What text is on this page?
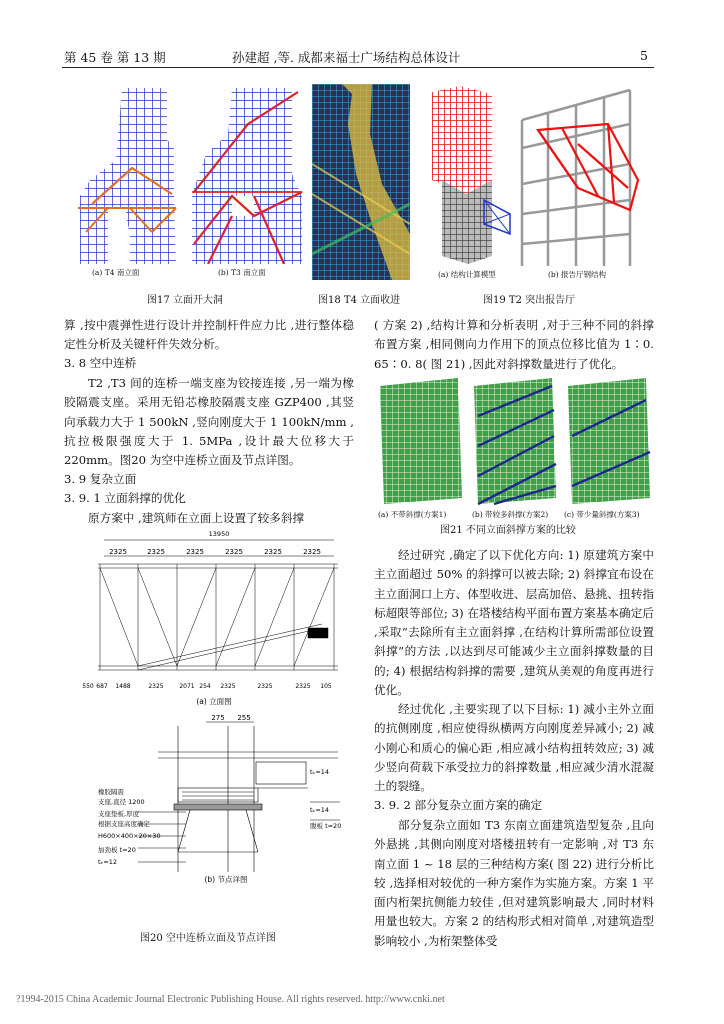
第 45 卷 第 13 期	孙建超 ,等. 成都来福士广场结构总体设计	5
(a) T4 南立面	(b) T3 南立面
图17 立面开大洞	图18 T4 立面收进
(a) 结构计算模型	(b) 报告厅钢结构
图19 T2 突出报告厅
算 ,按中震弹性进行设计并控制杆件应力比 ,进行整体稳定性分析及关键杆件失效分析。
3. 8 空中连桥
T2 ,T3 间的连桥一端支座为铰接连接 ,另一端为橡胶隔震支座。采用无铅芯橡胶隔震支座 GZP400 ,其竖向承载力大于 1 500kN ,竖向刚度大于 1 100kN/mm ,抗拉极限强度大于 1. 5MPa ,设计最大位移大于 220mm。图20 为空中连桥立面及节点详图。
3. 9 复杂立面
3. 9. 1 立面斜撑的优化
原方案中 ,建筑师在立面上设置了较多斜撑
13950
2325	2325	2325	2325	2325	2325
550 687 1488	2325	2071 254 2325	2325	2325 105
(a) 立面图
275 255
橡胶隔震
支座,直径 1200
支座垫板,厚度
根据支座高度确定
H600×400×20×30
加劲板 t=20
tₖ=12
tₖ=14
tₖ=14
腹板 t=20
(b) 节点详图
图20 空中连桥立面及节点详图
( 方案 2) ,结构计算和分析表明 ,对于三种不同的斜撑布置方案 ,相同侧向力作用下的顶点位移比值为 1∶0. 65∶0. 8( 图 21) ,因此对斜撑数量进行了优化。
(a) 不带斜撑(方案1)	(b) 带较多斜撑(方案2) (c) 带少量斜撑(方案3)
图21 不同立面斜撑方案的比较
经过研究 ,确定了以下优化方向: 1) 原建筑方案中主立面超过 50% 的斜撑可以被去除; 2) 斜撑宜布设在主立面洞口上方、体型收进、层高加倍、悬挑、扭转指标超限等部位; 3) 在塔楼结构平面布置方案基本确定后 ,采取“去除所有主立面斜撑 ,在结构计算所需部位设置斜撑”的方法 ,以达到尽可能减少主立面斜撑数量的目的; 4) 根据结构斜撑的需要 ,建筑从美观的角度再进行优化。
经过优化 ,主要实现了以下目标: 1) 减小主外立面的抗侧刚度 ,相应使得纵横两方向刚度差异减小; 2) 减小刚心和质心的偏心距 ,相应减小结构扭转效应; 3) 减少竖向荷载下承受拉力的斜撑数量 ,相应减少清水混凝土的裂缝。
3. 9. 2 部分复杂立面方案的确定
部分复杂立面如 T3 东南立面建筑造型复杂 ,且向外悬挑 ,其侧向刚度对塔楼扭转有一定影响 ,对 T3 东南立面 1 ~ 18 层的三种结构方案( 图 22) 进行分析比较 ,选择相对较优的一种方案作为实施方案。方案 1 平面内桁架抗侧能力较佳 ,但对建筑影响最大 ,同时材料用量也较大。方案 2 的结构形式相对简单 ,对建筑造型影响较小 ,为桁架整体受
?1994-2015 China Academic Journal Electronic Publishing House. All rights reserved. http://www.cnki.net
